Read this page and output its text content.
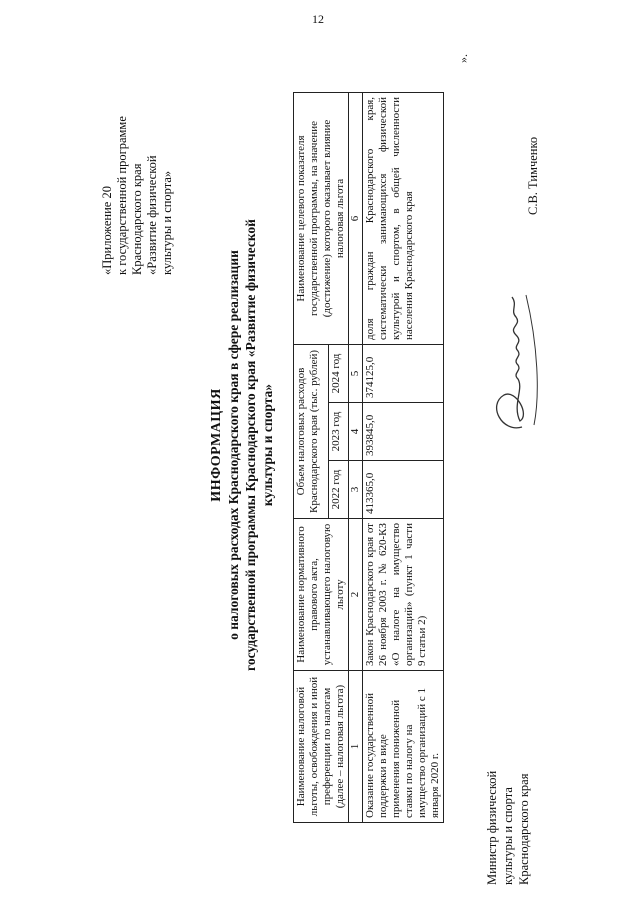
12
«Приложение 20 к государственной программе Краснодарского края «Развитие физической культуры и спорта»
ИНФОРМАЦИЯ о налоговых расходах Краснодарского края в сфере реализации государственной программы Краснодарского края «Развитие физической культуры и спорта»
Наименование налоговой льготы, освобождения и иной преференции по налогам (далее – налоговая льгота)	Наименование нормативного правового акта, устанавливающего налоговую льготу	Объем налоговых расходов Краснодарского края (тыс. рублей)			Наименование целевого показателя государственной программы, на значение (достижение) которого оказывает влияние налоговая льгота
		2022 год	2023 год	2024 год	
1	2	3	4	5	6
Оказание государственной поддержки в виде применения пониженной ставки по налогу на имущество организаций с 1 января 2020 г.	Закон Краснодарского края от 26 ноября 2003 г. № 620-КЗ «О налоге на имущество организаций» (пункт 1 части 9 статьи 2)	413365,0	393845,0	374125,0	доля граждан Краснодарского края, систематически занимающихся физической культурой и спортом, в общей численности населения Краснодарского края
».
Министр физической культуры и спорта Краснодарского края
С.В. Тимченко
